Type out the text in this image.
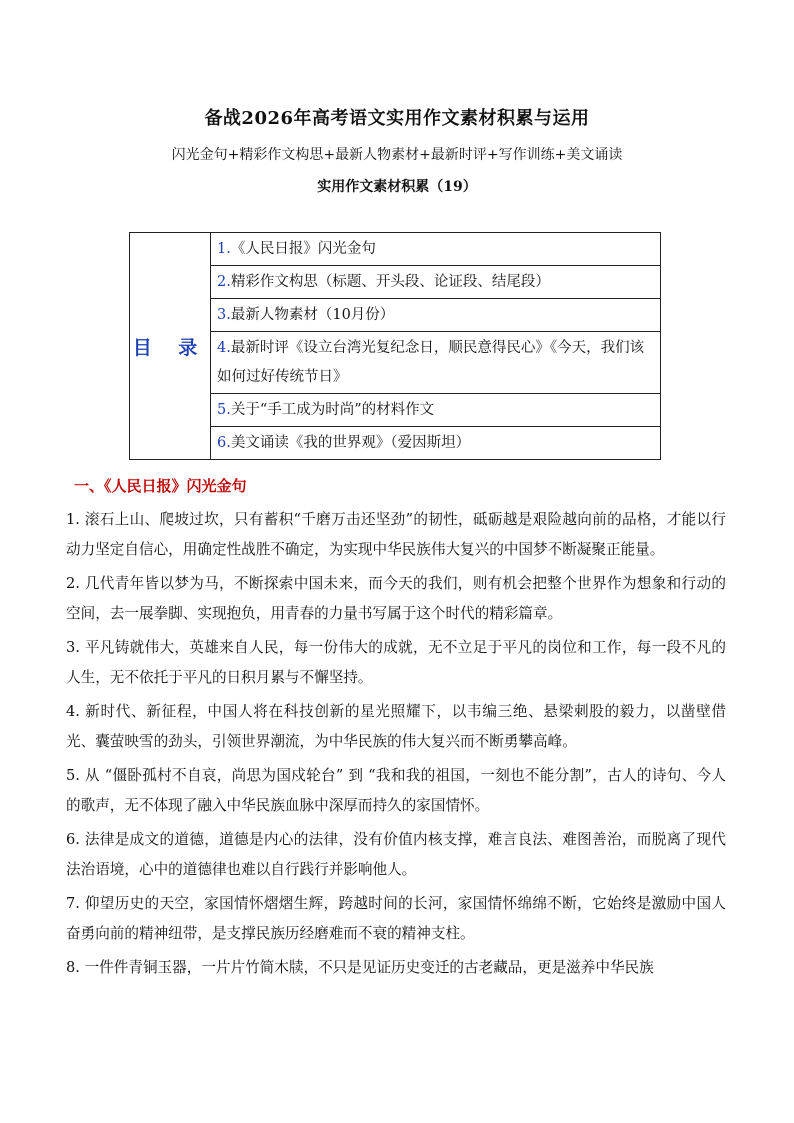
备战2026年高考语文实用作文素材积累与运用
闪光金句+精彩作文构思+最新人物素材+最新时评+写作训练+美文诵读
实用作文素材积累（19）
目 录	1.《人民日报》闪光金句
2.精彩作文构思（标题、开头段、论证段、结尾段）
3.最新人物素材（10月份）
4.最新时评《设立台湾光复纪念日，顺民意得民心》《今天，我们该如何过好传统节日》
5.关于“手工成为时尚”的材料作文
6.美文诵读《我的世界观》（爱因斯坦）
一、《人民日报》闪光金句

1. 滚石上山、爬坡过坎，只有蓄积“千磨万击还坚劲”的韧性，砥砺越是艰险越向前的品格，才能以行动力坚定自信心，用确定性战胜不确定，为实现中华民族伟大复兴的中国梦不断凝聚正能量。

2. 几代青年皆以梦为马，不断探索中国未来，而今天的我们，则有机会把整个世界作为想象和行动的空间，去一展拳脚、实现抱负，用青春的力量书写属于这个时代的精彩篇章。

3. 平凡铸就伟大，英雄来自人民，每一份伟大的成就，无不立足于平凡的岗位和工作，每一段不凡的人生，无不依托于平凡的日积月累与不懈坚持。

4. 新时代、新征程，中国人将在科技创新的星光照耀下，以韦编三绝、悬梁刺股的毅力，以凿壁借光、囊萤映雪的劲头，引领世界潮流，为中华民族的伟大复兴而不断勇攀高峰。

5. 从 “僵卧孤村不自哀，尚思为国戍轮台” 到 “我和我的祖国，一刻也不能分割”，古人的诗句、今人的歌声，无不体现了融入中华民族血脉中深厚而持久的家国情怀。

6. 法律是成文的道德，道德是内心的法律，没有价值内核支撑，难言良法、难图善治，而脱离了现代法治语境，心中的道德律也难以自行践行并影响他人。

7. 仰望历史的天空，家国情怀熠熠生辉，跨越时间的长河，家国情怀绵绵不断，它始终是激励中国人奋勇向前的精神纽带，是支撑民族历经磨难而不衰的精神支柱。

8. 一件件青铜玉器，一片片竹简木牍，不只是见证历史变迁的古老藏品，更是滋养中华民族
